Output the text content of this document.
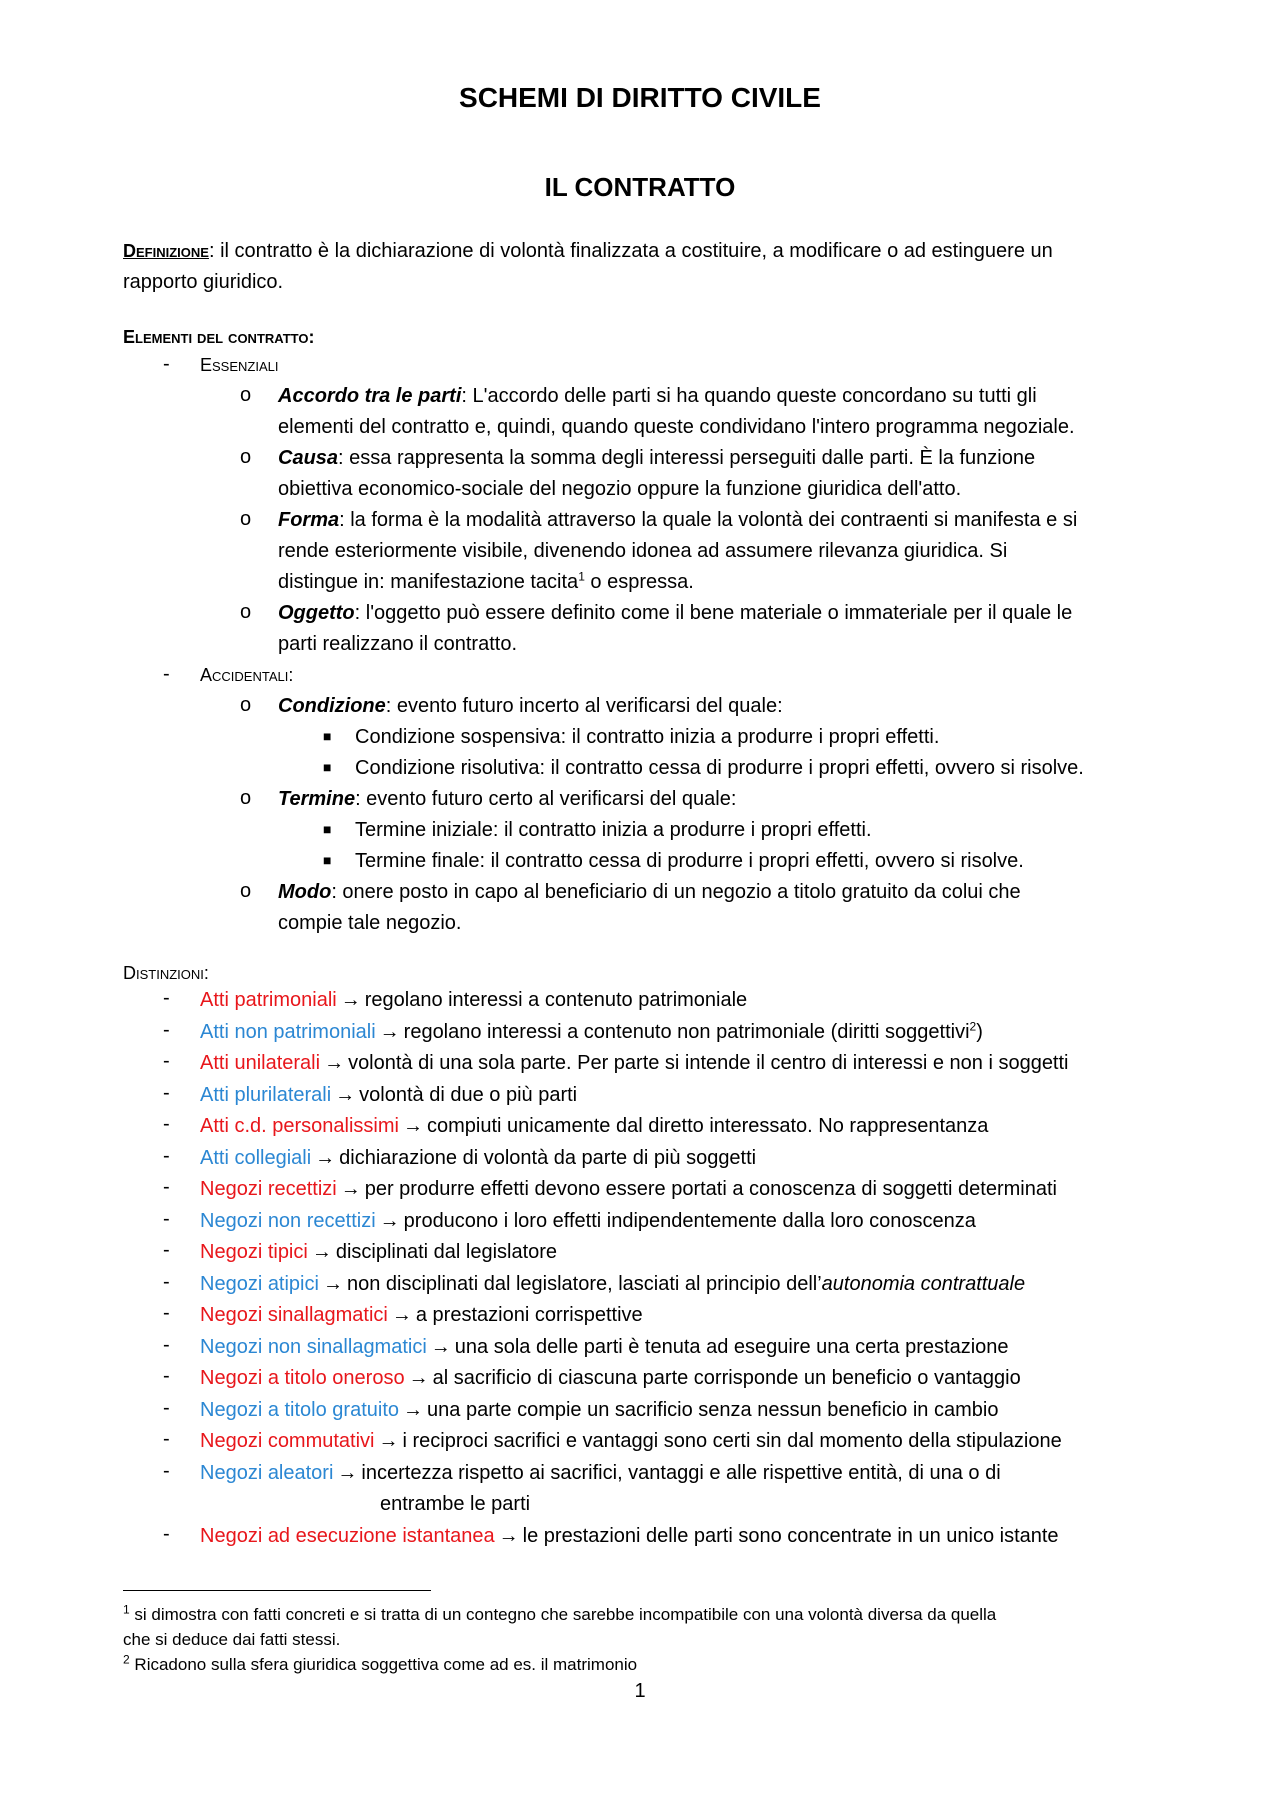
SCHEMI DI DIRITTO CIVILE
IL CONTRATTO
Definizione: il contratto è la dichiarazione di volontà finalizzata a costituire, a modificare o ad estinguere un
rapporto giuridico.
Elementi del contratto:
- Essenziali
o Accordo tra le parti: L'accordo delle parti si ha quando queste concordano su tutti gli
elementi del contratto e, quindi, quando queste condividano l'intero programma negoziale.
o Causa: essa rappresenta la somma degli interessi perseguiti dalle parti. È la funzione
obiettiva economico-sociale del negozio oppure la funzione giuridica dell'atto.
o Forma: la forma è la modalità attraverso la quale la volontà dei contraenti si manifesta e si
rende esteriormente visibile, divenendo idonea ad assumere rilevanza giuridica. Si
distingue in: manifestazione tacita$^1$ o espressa.
o Oggetto: l'oggetto può essere definito come il bene materiale o immateriale per il quale le
parti realizzano il contratto.
- Accidentali:
o Condizione: evento futuro incerto al verificarsi del quale:
■ Condizione sospensiva: il contratto inizia a produrre i propri effetti.
■ Condizione risolutiva: il contratto cessa di produrre i propri effetti, ovvero si risolve.
o Termine: evento futuro certo al verificarsi del quale:
■ Termine iniziale: il contratto inizia a produrre i propri effetti.
■ Termine finale: il contratto cessa di produrre i propri effetti, ovvero si risolve.
o Modo: onere posto in capo al beneficiario di un negozio a titolo gratuito da colui che
compie tale negozio.
Distinzioni:
- Atti patrimoniali → regolano interessi a contenuto patrimoniale
- Atti non patrimoniali → regolano interessi a contenuto non patrimoniale (diritti soggettivi$^2$)
- Atti unilaterali → volontà di una sola parte. Per parte si intende il centro di interessi e non i soggetti
- Atti plurilaterali → volontà di due o più parti
- Atti c.d. personalissimi → compiuti unicamente dal diretto interessato. No rappresentanza
- Atti collegiali → dichiarazione di volontà da parte di più soggetti
- Negozi recettizi → per produrre effetti devono essere portati a conoscenza di soggetti determinati
- Negozi non recettizi → producono i loro effetti indipendentemente dalla loro conoscenza
- Negozi tipici → disciplinati dal legislatore
- Negozi atipici → non disciplinati dal legislatore, lasciati al principio dell’autonomia contrattuale
- Negozi sinallagmatici → a prestazioni corrispettive
- Negozi non sinallagmatici → una sola delle parti è tenuta ad eseguire una certa prestazione
- Negozi a titolo oneroso → al sacrificio di ciascuna parte corrisponde un beneficio o vantaggio
- Negozi a titolo gratuito → una parte compie un sacrificio senza nessun beneficio in cambio
- Negozi commutativi → i reciproci sacrifici e vantaggi sono certi sin dal momento della stipulazione
- Negozi aleatori → incertezza rispetto ai sacrifici, vantaggi e alle rispettive entità, di una o di
entrambe le parti
- Negozi ad esecuzione istantanea → le prestazioni delle parti sono concentrate in un unico istante
$^1$ si dimostra con fatti concreti e si tratta di un contegno che sarebbe incompatibile con una volontà diversa da quella
che si deduce dai fatti stessi.
$^2$ Ricadono sulla sfera giuridica soggettiva come ad es. il matrimonio
1
